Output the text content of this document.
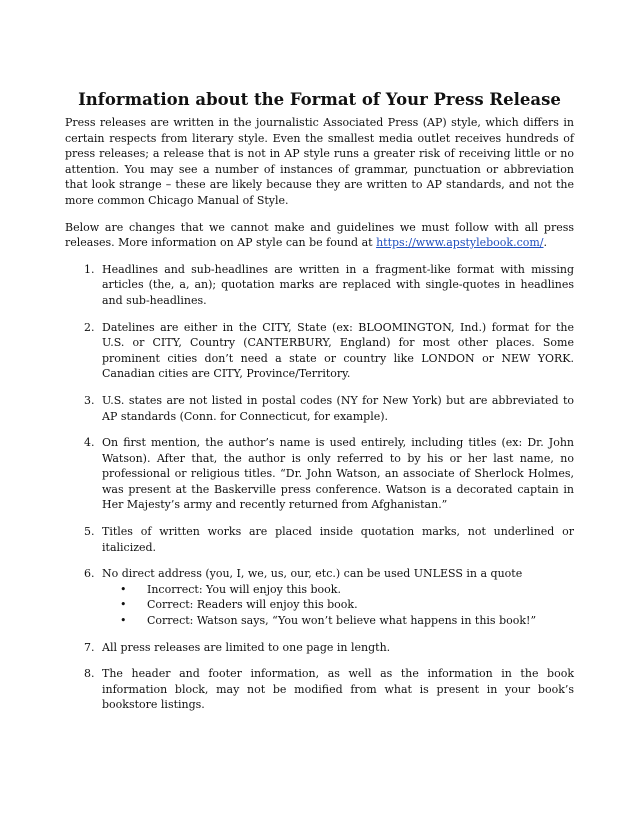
Information about the Format of Your Press Release

Press releases are written in the journalistic Associated Press (AP) style, which differs in certain respects from literary style. Even the smallest media outlet receives hundreds of press releases; a release that is not in AP style runs a greater risk of receiving little or no attention. You may see a number of instances of grammar, punctuation or abbreviation that look strange – these are likely because they are written to AP standards, and not the more common Chicago Manual of Style.

Below are changes that we cannot make and guidelines we must follow with all press releases. More information on AP style can be found at https://www.apstylebook.com/.

1. Headlines and sub-headlines are written in a fragment-like format with missing articles (the, a, an); quotation marks are replaced with single-quotes in headlines and sub-headlines.
2. Datelines are either in the CITY, State (ex: BLOOMINGTON, Ind.) format for the U.S. or CITY, Country (CANTERBURY, England) for most other places. Some prominent cities don’t need a state or country like LONDON or NEW YORK. Canadian cities are CITY, Province/Territory.
3. U.S. states are not listed in postal codes (NY for New York) but are abbreviated to AP standards (Conn. for Connecticut, for example).
4. On first mention, the author’s name is used entirely, including titles (ex: Dr. John Watson). After that, the author is only referred to by his or her last name, no professional or religious titles. “Dr. John Watson, an associate of Sherlock Holmes, was present at the Baskerville press conference. Watson is a decorated captain in Her Majesty’s army and recently returned from Afghanistan.”
5. Titles of written works are placed inside quotation marks, not underlined or italicized.
6. No direct address (you, I, we, us, our, etc.) can be used UNLESS in a quote
• Incorrect: You will enjoy this book.
• Correct: Readers will enjoy this book.
• Correct: Watson says, “You won’t believe what happens in this book!”
7. All press releases are limited to one page in length.
8. The header and footer information, as well as the information in the book information block, may not be modified from what is present in your book’s bookstore listings.
